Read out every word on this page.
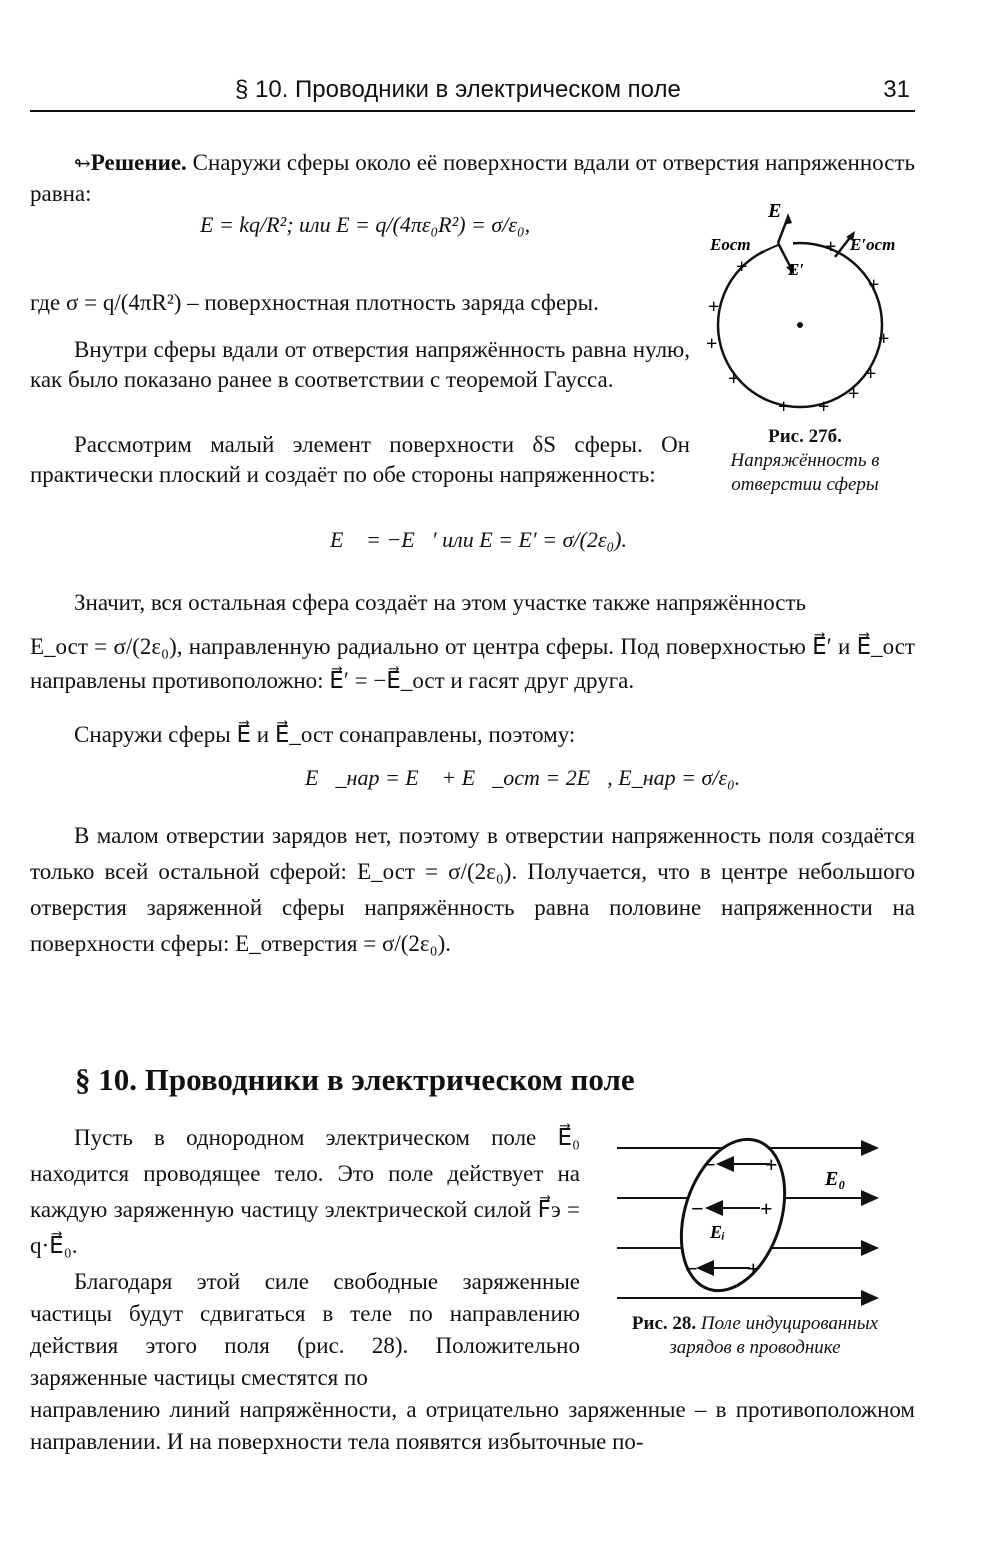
§ 10. Проводники в электрическом поле	31

↬Решение. Снаружи сферы около её поверхности вдали от отверстия напряженность равна:

E = kq/R²; или E = q/(4πε₀R²) = σ/ε₀,

где σ = q/(4πR²) – поверхностная плотность заряда сферы.

Внутри сферы вдали от отверстия напряжённость равна нулю, как было показано ранее в соответствии с теоремой Гаусса.

Рассмотрим малый элемент поверхности δS сферы. Он практически плоский и создаёт по обе стороны напряженность:

E⃗ = −E⃗′ или E = E′ = σ/(2ε₀).

Значит, вся остальная сфера создаёт на этом участке также напряжённость

E_ост = σ/(2ε₀), направленную радиально от центра сферы. Под поверхностью E⃗′ и E⃗_ост направлены противоположно: E⃗′ = −E⃗_ост и гасят друг друга.

Снаружи сферы E⃗ и E⃗_ост сонаправлены, поэтому:

E⃗_нар = E⃗ + E⃗_ост = 2E⃗, E_нар = σ/ε₀.

В малом отверстии зарядов нет, поэтому в отверстии напряженность поля создаётся только всей остальной сферой: E_ост = σ/(2ε₀). Получается, что в центре небольшого отверстия заряженной сферы напряжённость равна половине напряженности на поверхности сферы: E_отверстия = σ/(2ε₀).

E
Eост
E′
E′ост
+
+
+
+
+
+
+
+
+
+
+
Рис. 27б. Напряжённость в отверстии сферы
§ 10. Проводники в электрическом поле

Пусть в однородном электрическом поле E⃗₀ находится проводящее тело. Это поле действует на каждую заряженную частицу электрической силой F⃗э = q·E⃗₀.

Благодаря этой силе свободные заряженные частицы будут сдвигаться в теле по направлению действия этого поля (рис. 28). Положительно заряженные частицы сместятся по

направлению линий напряжённости, а отрицательно заряженные – в противоположном направлении. И на поверхности тела появятся избыточные по-

− +
−	+
− +
E₀
Eᵢ
Рис. 28. Поле индуцированных зарядов в проводнике
